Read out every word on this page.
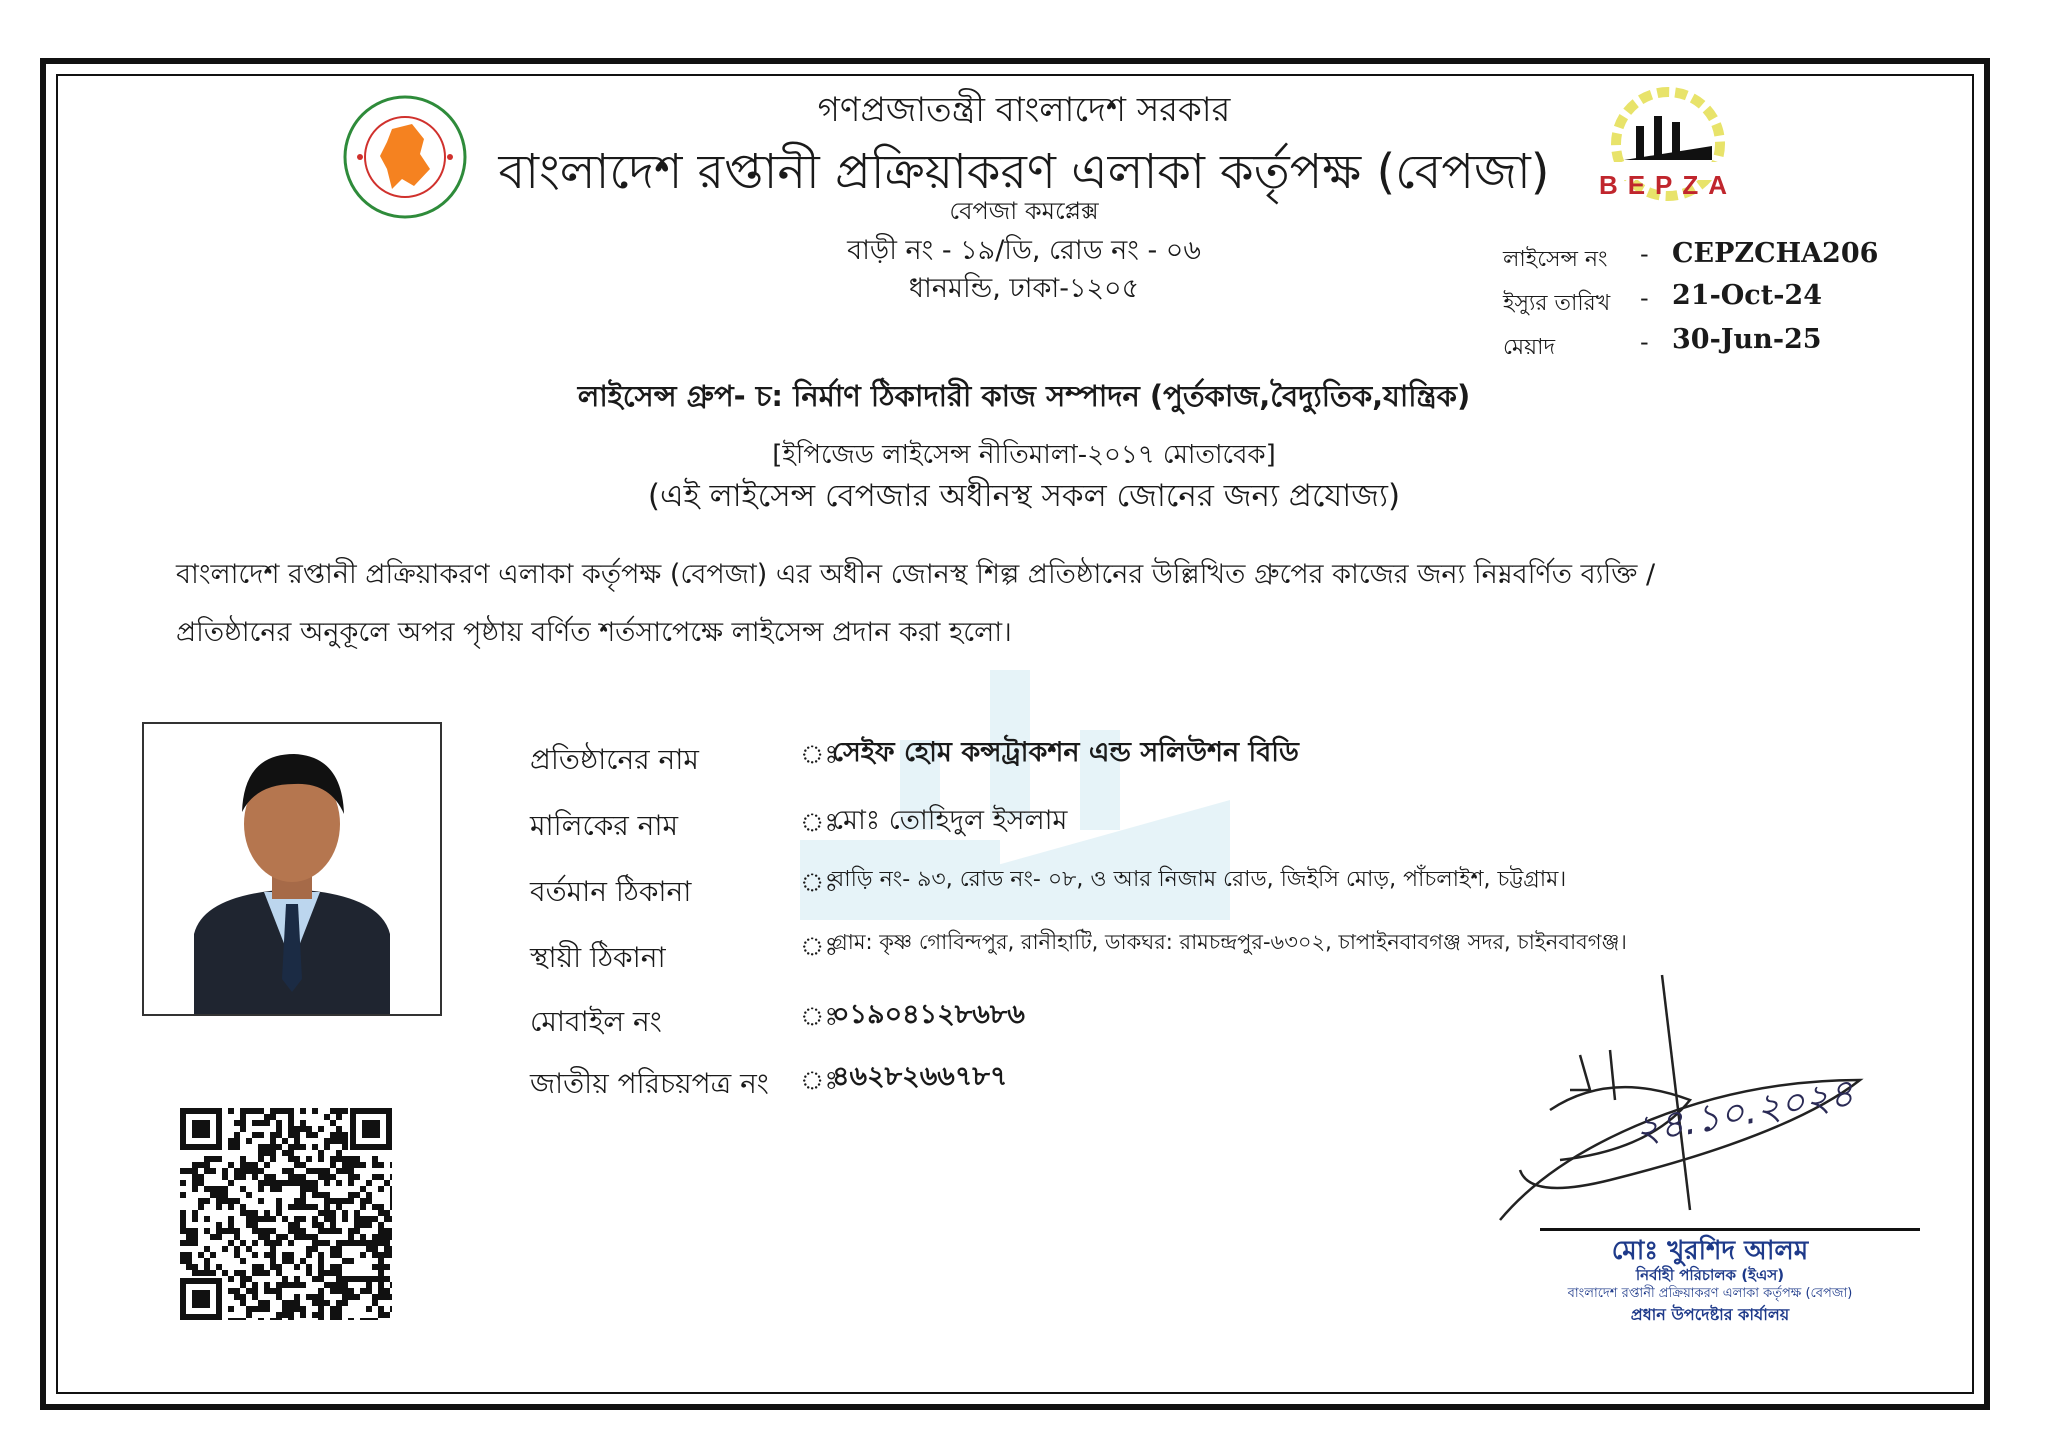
BEPZA
গণপ্রজাতন্ত্রী বাংলাদেশ সরকার
বাংলাদেশ রপ্তানী প্রক্রিয়াকরণ এলাকা কর্তৃপক্ষ (বেপজা)
বেপজা কমপ্লেক্স
বাড়ী নং - ১৯/ডি, রোড নং - ০৬
ধানমন্ডি, ঢাকা-১২০৫
লাইসেন্স নং - CEPZCHA206
ইস্যুর তারিখ - 21-Oct-24
মেয়াদ	- 30-Jun-25
লাইসেন্স গ্রুপ- চ: নির্মাণ ঠিকাদারী কাজ সম্পাদন (পুর্তকাজ,বৈদ্যুতিক,যান্ত্রিক)
[ইপিজেড লাইসেন্স নীতিমালা-২০১৭ মোতাবেক]
(এই লাইসেন্স বেপজার অধীনস্থ সকল জোনের জন্য প্রযোজ্য)
বাংলাদেশ রপ্তানী প্রক্রিয়াকরণ এলাকা কর্তৃপক্ষ (বেপজা) এর অধীন জোনস্থ শিল্প প্রতিষ্ঠানের উল্লিখিত গ্রুপের কাজের জন্য নিম্নবর্ণিত ব্যক্তি /
প্রতিষ্ঠানের অনুকূলে অপর পৃষ্ঠায় বর্ণিত শর্তসাপেক্ষে লাইসেন্স প্রদান করা হলো।
প্রতিষ্ঠানের নাম	ঃ
সেইফ হোম কন্সট্রাকশন এন্ড সলিউশন বিডি
মালিকের নাম	ঃ
মোঃ তোহিদুল ইসলাম
বর্তমান ঠিকানা	ঃ
বাড়ি নং- ৯৩, রোড নং- ০৮, ও আর নিজাম রোড, জিইসি মোড়, পাঁচলাইশ, চট্টগ্রাম।
স্থায়ী ঠিকানা	ঃ
গ্রাম: কৃষ্ণ গোবিন্দপুর, রানীহাটি, ডাকঘর: রামচন্দ্রপুর-৬৩০২, চাপাইনবাবগঞ্জ সদর, চাইনবাবগঞ্জ।
মোবাইল নং	ঃ
০১৯০৪১২৮৬৮৬
জাতীয় পরিচয়পত্র নং ঃ
৪৬২৮২৬৬৭৮৭	২৪.১০.২০২৪
মোঃ খুরশিদ আলম
নির্বাহী পরিচালক (ইএস)
বাংলাদেশ রপ্তানী প্রক্রিয়াকরণ এলাকা কর্তৃপক্ষ (বেপজা)
প্রধান উপদেষ্টার কার্যালয়
